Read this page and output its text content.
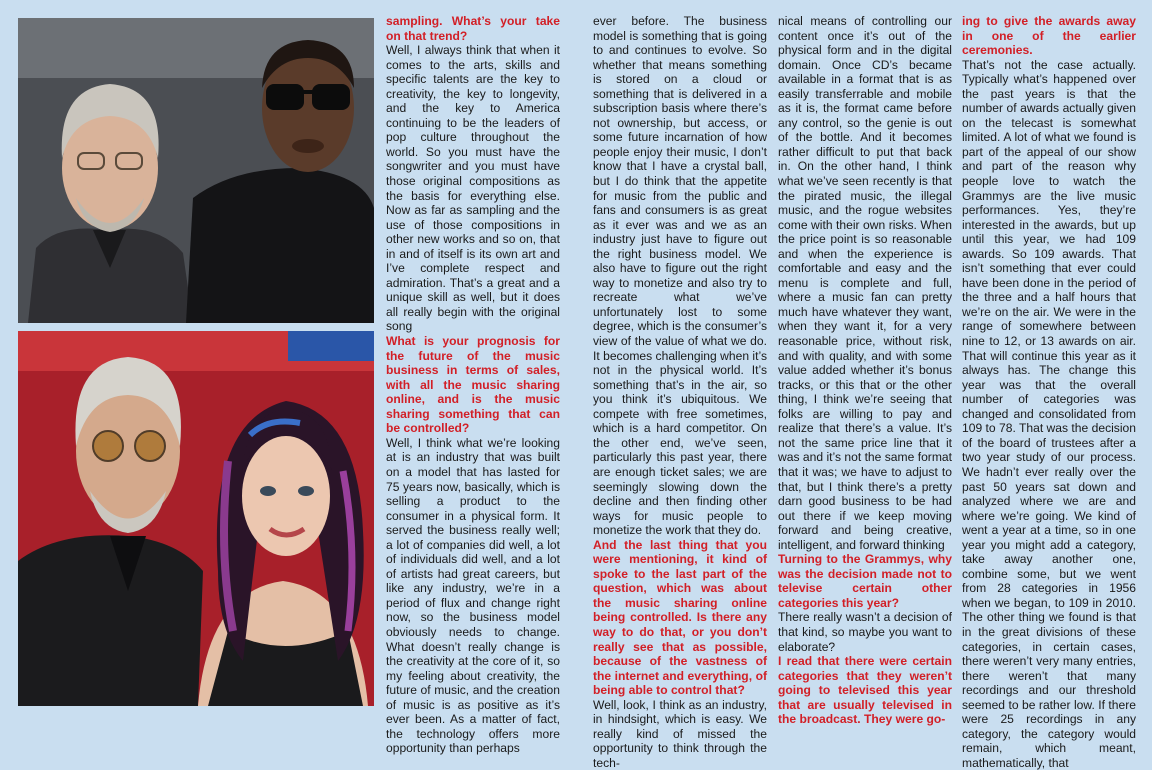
sampling. What’s your take on that trend?

Well, I always think that when it comes to the arts, skills and specific talents are the key to creativity, the key to longevity, and the key to America continuing to be the leaders of pop culture throughout the world. So you must have the songwriter and you must have those original compositions as the basis for everything else. Now as far as sampling and the use of those compositions in other new works and so on, that in and of itself is its own art and I’ve complete respect and admiration. That’s a great and a unique skill as well, but it does all really begin with the original song

What is your prognosis for the future of the music business in terms of sales, with all the music sharing online, and is the music sharing something that can be controlled?

Well, I think what we’re looking at is an industry that was built on a model that has lasted for 75 years now, basically, which is selling a product to the consumer in a physical form. It served the business really well; a lot of companies did well, a lot of individuals did well, and a lot of artists had great careers, but like any industry, we’re in a period of flux and change right now, so the business model obviously needs to change. What doesn’t really change is the creativity at the core of it, so my feeling about creativity, the future of music, and the creation of music is as positive as it’s ever been. As a matter of fact, the technology offers more opportunity than perhaps

ever before. The business model is something that is going to and continues to evolve. So whether that means something is stored on a cloud or something that is delivered in a subscription basis where there’s not ownership, but access, or some future incarnation of how people enjoy their music, I don’t know that I have a crystal ball, but I do think that the appetite for music from the public and fans and consumers is as great as it ever was and we as an industry just have to figure out the right business model. We also have to figure out the right way to monetize and also try to recreate what we’ve unfortunately lost to some degree, which is the consumer’s view of the value of what we do. It becomes challenging when it’s not in the physical world. It’s something that’s in the air, so you think it’s ubiquitous. We compete with free sometimes, which is a hard competitor. On the other end, we’ve seen, particularly this past year, there are enough ticket sales; we are seemingly slowing down the decline and then finding other ways for music people to monetize the work that they do.

And the last thing that you were mentioning, it kind of spoke to the last part of the question, which was about the music sharing online being controlled. Is there any way to do that, or you don’t really see that as possible, because of the vastness of the internet and everything, of being able to control that?

Well, look, I think as an industry, in hindsight, which is easy. We really kind of missed the opportunity to think through the tech-

nical means of controlling our content once it’s out of the physical form and in the digital domain. Once CD’s became available in a format that is as easily transferrable and mobile as it is, the format came before any control, so the genie is out of the bottle. And it becomes rather difficult to put that back in. On the other hand, I think what we’ve seen recently is that the pirated music, the illegal music, and the rogue websites come with their own risks. When the price point is so reasonable and when the experience is comfortable and easy and the menu is complete and full, where a music fan can pretty much have whatever they want, when they want it, for a very reasonable price, without risk, and with quality, and with some value added whether it’s bonus tracks, or this that or the other thing, I think we’re seeing that folks are willing to pay and realize that there’s a value. It’s not the same price line that it was and it’s not the same format that it was; we have to adjust to that, but I think there’s a pretty darn good business to be had out there if we keep moving forward and being creative, intelligent, and forward thinking

Turning to the Grammys, why was the decision made not to televise certain other categories this year?

There really wasn’t a decision of that kind, so maybe you want to elaborate?

I read that there were certain categories that they weren’t going to televised this year that are usually televised in the broadcast. They were go-

ing to give the awards away in one of the earlier ceremonies.

That’s not the case actually. Typically what’s happened over the past years is that the number of awards actually given on the telecast is somewhat limited. A lot of what we found is part of the appeal of our show and part of the reason why people love to watch the Grammys are the live music performances. Yes, they’re interested in the awards, but up until this year, we had 109 awards. So 109 awards. That isn’t something that ever could have been done in the period of the three and a half hours that we’re on the air. We were in the range of somewhere between nine to 12, or 13 awards on air. That will continue this year as it always has. The change this year was that the overall number of categories was changed and consolidated from 109 to 78. That was the decision of the board of trustees after a two year study of our process. We hadn’t ever really over the past 50 years sat down and analyzed where we are and where we’re going. We kind of went a year at a time, so in one year you might add a category, take away another one, combine some, but we went from 28 categories in 1956 when we began, to 109 in 2010. The other thing we found is that in the great divisions of these categories, in certain cases, there weren’t very many entries, there weren’t that many recordings and our threshold seemed to be rather low. If there were 25 recordings in any category, the category would remain, which meant, mathematically, that
